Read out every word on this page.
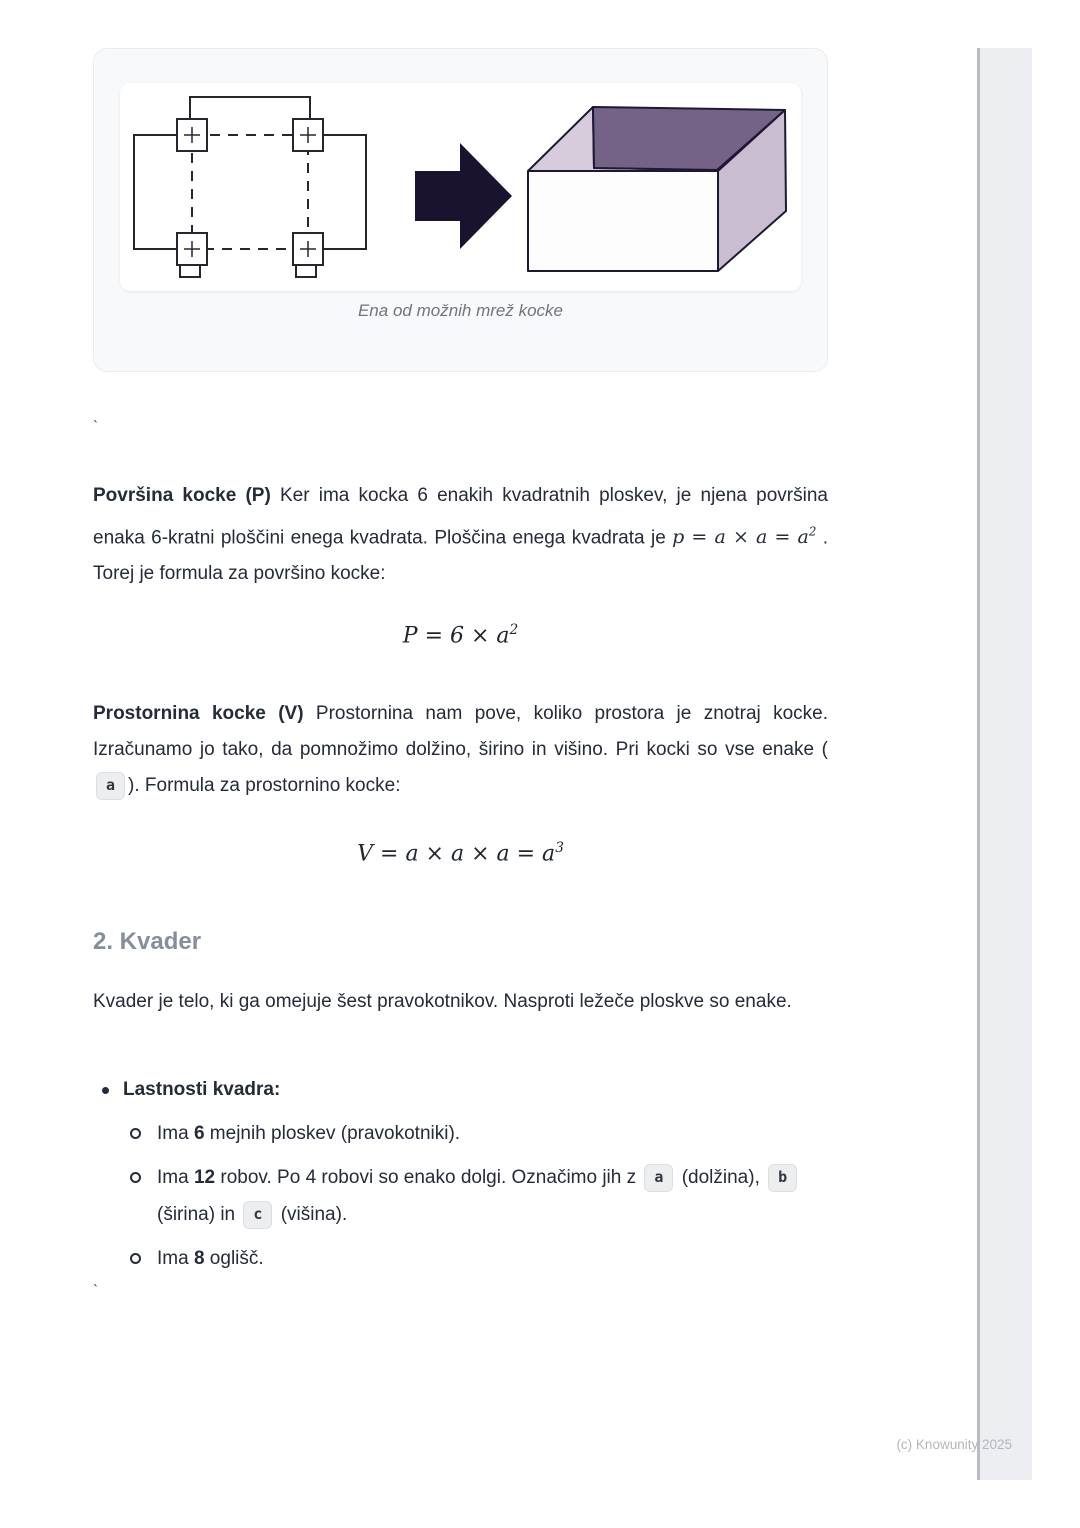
Ena od možnih mrež kocke
`

Površina kocke (P) Ker ima kocka 6 enakih kvadratnih ploskev, je njena površina enaka 6-kratni ploščini enega kvadrata. Ploščina enega kvadrata je $p = a \times a = a^2$ . Torej je formula za površino kocke:

$P = 6 \times a^2$

Prostornina kocke (V) Prostornina nam pove, koliko prostora je znotraj kocke. Izračunamo jo tako, da pomnožimo dolžino, širino in višino. Pri kocki so vse enake (a ). Formula za prostornino kocke:

$V = a \times a \times a = a^3$
2. Kvader

Kvader je telo, ki ga omejuje šest pravokotnikov. Nasproti ležeče ploskve so enake.

Lastnosti kvadra:
Ima 6 mejnih ploskev (pravokotniki).
Ima 12 robov. Po 4 robovi so enako dolgi. Označimo jih z a (dolžina), b (širina) in c (višina).
Ima 8 oglišč.
`
(c) Knowunity 2025
